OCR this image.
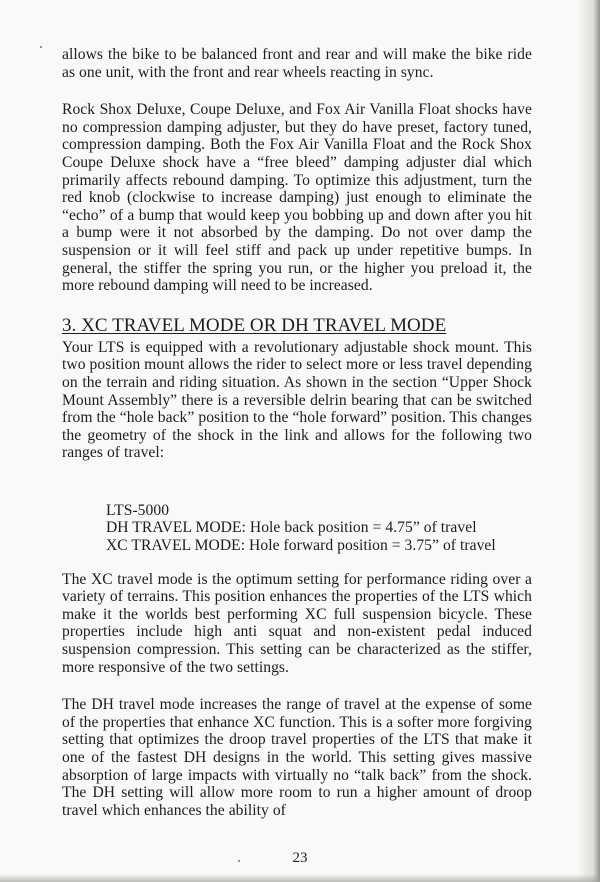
allows the bike to be balanced front and rear and will make the bike ride as one unit, with the front and rear wheels reacting in sync.

Rock Shox Deluxe, Coupe Deluxe, and Fox Air Vanilla Float shocks have no compression damping adjuster, but they do have preset, factory tuned, compression damping. Both the Fox Air Vanilla Float and the Rock Shox Coupe Deluxe shock have a “free bleed” damping adjuster dial which primarily affects rebound damping. To optimize this adjustment, turn the red knob (clockwise to increase damping) just enough to eliminate the “echo” of a bump that would keep you bobbing up and down after you hit a bump were it not absorbed by the damping. Do not over damp the suspension or it will feel stiff and pack up under repetitive bumps. In general, the stiffer the spring you run, or the higher you preload it, the more rebound damping will need to be increased.

3. XC TRAVEL MODE OR DH TRAVEL MODE

Your LTS is equipped with a revolutionary adjustable shock mount. This two position mount allows the rider to select more or less travel depending on the terrain and riding situation. As shown in the section “Upper Shock Mount Assembly” there is a reversible delrin bearing that can be switched from the “hole back” position to the “hole forward” position. This changes the geometry of the shock in the link and allows for the following two ranges of travel:

LTS-5000
DH TRAVEL MODE: Hole back position = 4.75” of travel
XC TRAVEL MODE: Hole forward position = 3.75” of travel

The XC travel mode is the optimum setting for performance riding over a variety of terrains. This position enhances the properties of the LTS which make it the worlds best performing XC full suspension bicycle. These properties include high anti squat and non-existent pedal induced suspension compression. This setting can be characterized as the stiffer, more responsive of the two settings.

The DH travel mode increases the range of travel at the expense of some of the properties that enhance XC function. This is a softer more forgiving setting that optimizes the droop travel properties of the LTS that make it one of the fastest DH designs in the world. This setting gives massive absorption of large impacts with virtually no “talk back” from the shock. The DH setting will allow more room to run a higher amount of droop travel which enhances the ability of

23
